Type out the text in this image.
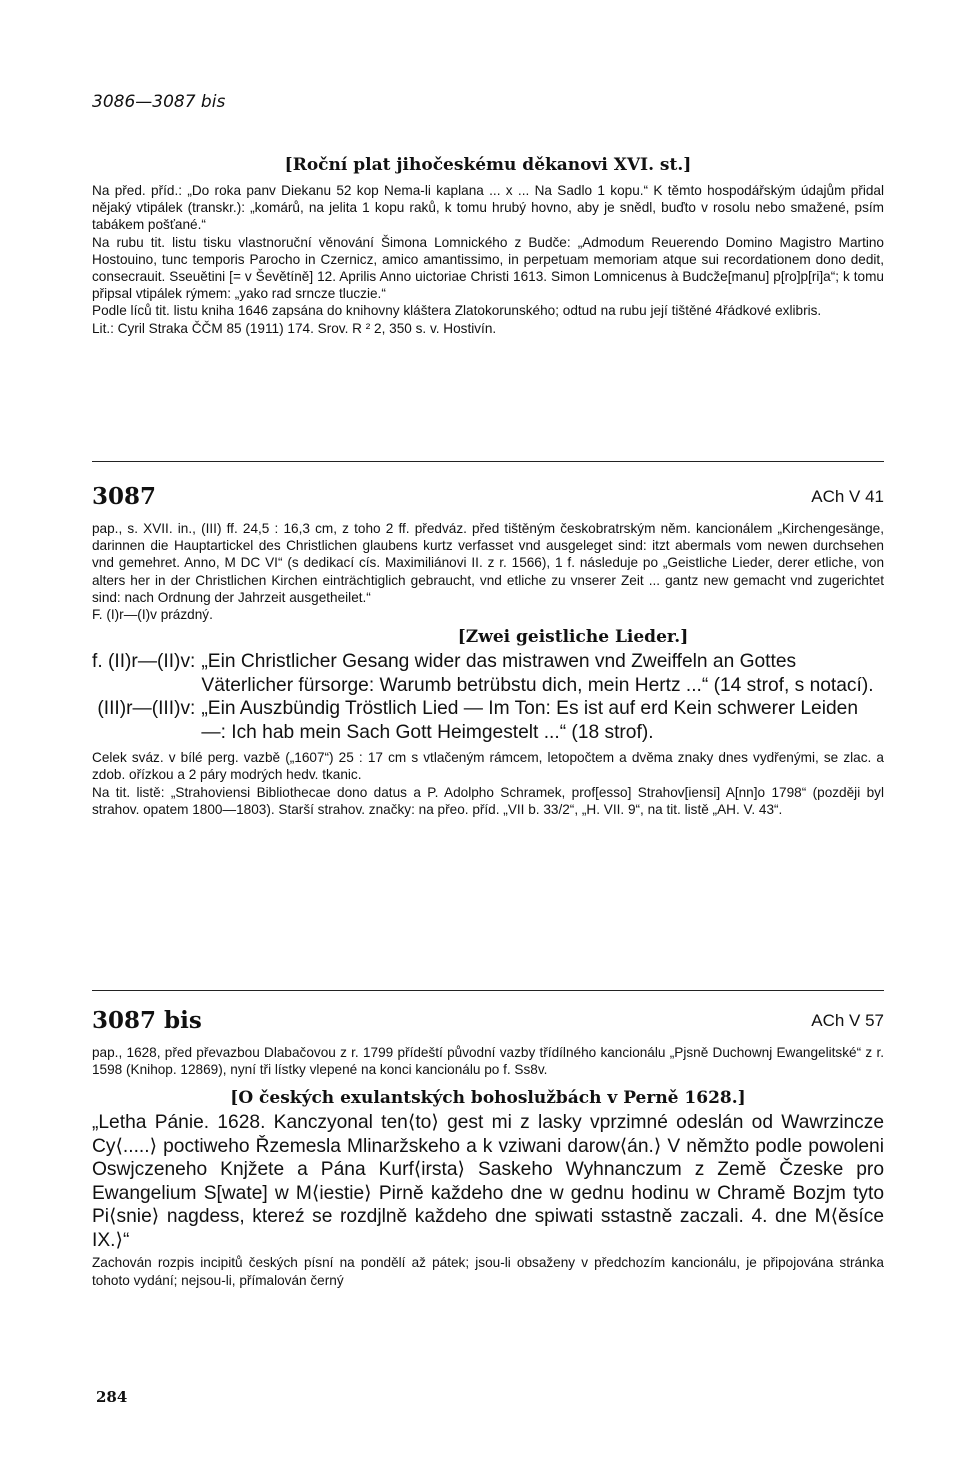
3086—3087 bis
[Roční plat jihočeskému děkanovi XVI. st.]

Na před. příd.: „Do roka panv Diekanu 52 kop Nema-li kaplana ... x ... Na Sadlo 1 kopu.“ K těmto hospodářským údajům přidal nějaký vtipálek (transkr.): „komárů, na jelita 1 kopu raků, k tomu hrubý hovno, aby je snědl, buďto v rosolu nebo smažené, psím tabákem pošťané.“

Na rubu tit. listu tisku vlastnoruční věnování Šimona Lomnického z Budče: „Admodum Reuerendo Domino Magistro Martino Hostouino, tunc temporis Parocho in Czernicz, amico amantissimo, in perpetuam memoriam atque sui recordationem dono dedit, consecrauit. Sseuětini [= v Ševětíně] 12. Aprilis Anno uictoriae Christi 1613. Simon Lomnicenus à Budcže[manu] p[ro]p[ri]a“; k tomu připsal vtipálek rýmem: „yako rad srncze tluczie.“

Podle líců tit. listu kniha 1646 zapsána do knihovny kláštera Zlatokorunského; odtud na rubu její tištěné 4řádkové exlibris.

Lit.: Cyril Straka ČČM 85 (1911) 174. Srov. R ² 2, 350 s. v. Hostivín.

3087	ACh V 41

pap., s. XVII. in., (III) ff. 24,5 : 16,3 cm, z toho 2 ff. předváz. před tištěným českobratrským něm. kancionálem „Kirchengesänge, darinnen die Hauptartickel des Christlichen glaubens kurtz verfasset vnd ausgeleget sind: itzt abermals vom newen durchsehen vnd gemehret. Anno, M DC VI“ (s dedikací cís. Maximiliánovi II. z r. 1566), 1 f. následuje po „Geistliche Lieder, derer etliche, von alters her in der Christlichen Kirchen einträchtiglich gebraucht, vnd etliche zu vnserer Zeit ... gantz new gemacht vnd zugerichtet sind: nach Ordnung der Jahrzeit ausgetheilet.“

F. (I)r—(I)v prázdný.

[Zwei geistliche Lieder.]
f. (II)r—(II)v:	„Ein Christlicher Gesang wider das mistrawen vnd Zweiffeln an Gottes Väterlicher fürsorge: Warumb betrübstu dich, mein Hertz ...“ (14 strof, s notací).
(III)r—(III)v:	„Ein Auszbündig Tröstlich Lied — Im Ton: Es ist auf erd Kein schwerer Leiden —: Ich hab mein Sach Gott Heimgestelt ...“ (18 strof).

Celek sváz. v bílé perg. vazbě („1607“) 25 : 17 cm s vtlačeným rámcem, letopočtem a dvěma znaky dnes vydřenými, se zlac. a zdob. ořízkou a 2 páry modrých hedv. tkanic.

Na tit. listě: „Strahoviensi Bibliothecae dono datus a P. Adolpho Schramek, prof[esso] Strahov[iensi] A[nn]o 1798“ (později byl strahov. opatem 1800—1803). Starší strahov. značky: na přeo. příd. „VII b. 33/2“, „H. VII. 9“, na tit. listě „AH. V. 43“.

3087 bis	ACh V 57

pap., 1628, před převazbou Dlabačovou z r. 1799 přídeští původní vazby třídílného kancionálu „Pjsně Duchownj Ewangelitské“ z r. 1598 (Knihop. 12869), nyní tři lístky vlepené na konci kancionálu po f. Ss8v.

[O českých exulantských bohoslužbách v Perně 1628.]

„Letha Pánie. 1628. Kanczyonal ten⟨to⟩ gest mi z lasky vprzimné odeslán od Wawrzincze Cy⟨.....⟩ poctiweho Řzemesla Mlinaržskeho a k vziwani darow⟨án.⟩ V němžto podle powoleni Oswjczeneho Knjžete a Pána Kurf⟨irsta⟩ Saskeho Wyhnanczum z Země Čzeske pro Ewangelium S[wate] w M⟨iestie⟩ Pirně každeho dne w gednu hodinu w Chramě Bozjm tyto Pi⟨snie⟩ nagdess, ktereź se rozdjlně každeho dne spiwati sstastně zaczali. 4. dne M⟨ěsíce IX.⟩“

Zachován rozpis incipitů českých písní na pondělí až pátek; jsou-li obsaženy v předchozím kancionálu, je připojována stránka tohoto vydání; nejsou-li, přímalován černý

284
